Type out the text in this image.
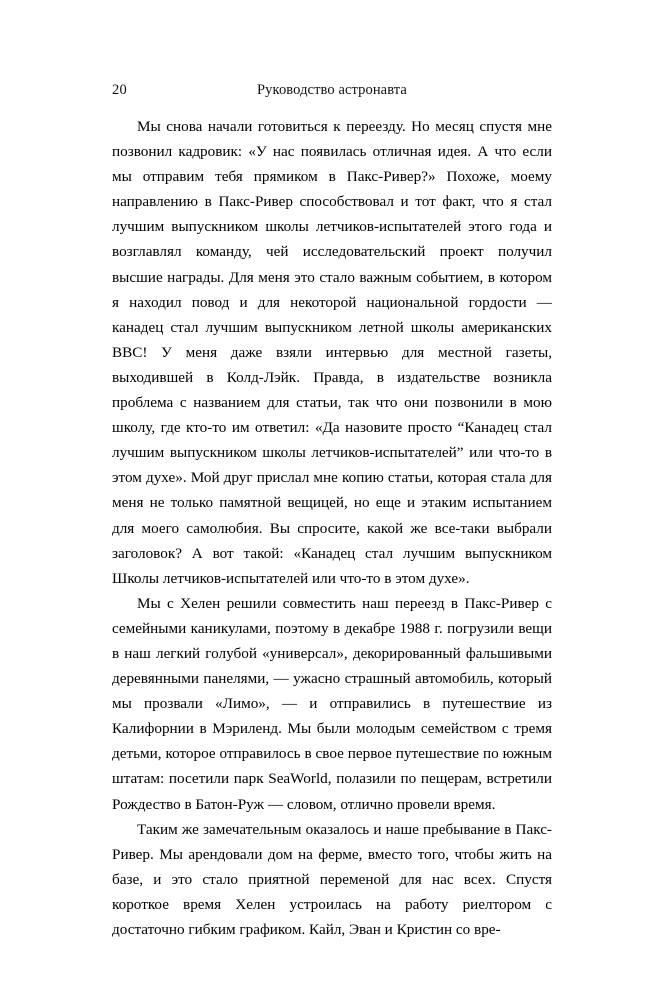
20	Руководство астронавта

Мы снова начали готовиться к переезду. Но месяц спустя мне позвонил кадровик: «У нас появилась отличная идея. А что если мы отправим тебя прямиком в Пакс-Ривер?» Похоже, моему направлению в Пакс-Ривер способствовал и тот факт, что я стал лучшим выпускником школы летчиков-испытателей этого года и возглавлял команду, чей исследовательский проект получил высшие награды. Для меня это стало важным событием, в котором я находил повод и для некоторой национальной гордости — канадец стал лучшим выпускником летной школы американских ВВС! У меня даже взяли интервью для местной газеты, выходившей в Колд-Лэйк. Правда, в издательстве возникла проблема с названием для статьи, так что они позвонили в мою школу, где кто-то им ответил: «Да назовите просто “Канадец стал лучшим выпускником школы летчиков-испытателей” или что-то в этом духе». Мой друг прислал мне копию статьи, которая стала для меня не только памятной вещицей, но еще и этаким испытанием для моего самолюбия. Вы спросите, какой же все-таки выбрали заголовок? А вот такой: «Канадец стал лучшим выпускником Школы летчиков-испытателей или что-то в этом духе».

Мы с Хелен решили совместить наш переезд в Пакс-Ривер с семейными каникулами, поэтому в декабре 1988 г. погрузили вещи в наш легкий голубой «универсал», декорированный фальшивыми деревянными панелями, — ужасно страшный автомобиль, который мы прозвали «Лимо», — и отправились в путешествие из Калифорнии в Мэриленд. Мы были молодым семейством с тремя детьми, которое отправилось в свое первое путешествие по южным штатам: посетили парк SeaWorld, полазили по пещерам, встретили Рождество в Батон-Руж — словом, отлично провели время.

Таким же замечательным оказалось и наше пребывание в Пакс-Ривер. Мы арендовали дом на ферме, вместо того, чтобы жить на базе, и это стало приятной переменой для нас всех. Спустя короткое время Хелен устроилась на работу риелтором с достаточно гибким графиком. Кайл, Эван и Кристин со вре-
